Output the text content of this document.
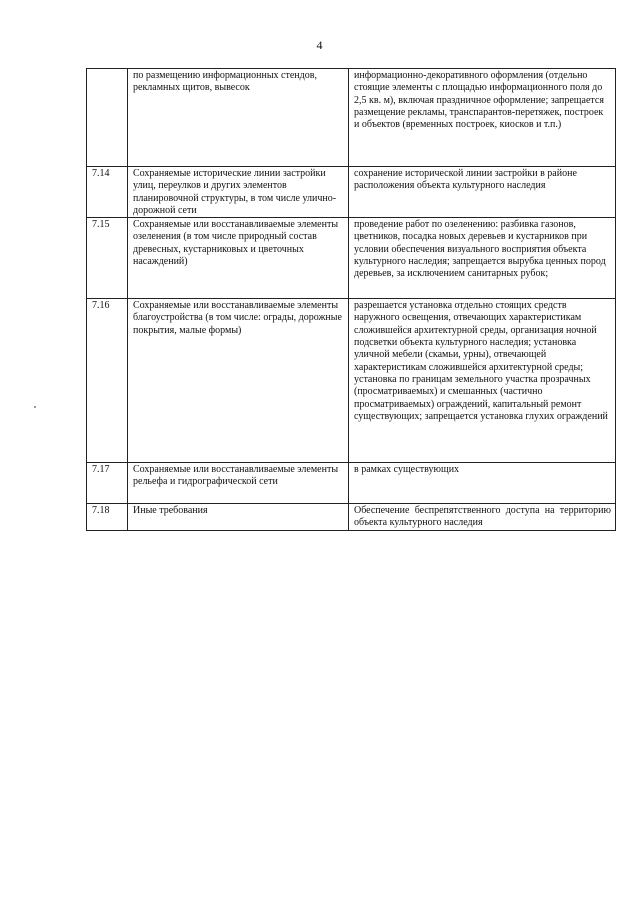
4
	по размещению информационных стендов, рекламных щитов, вывесок	информационно-декоративного оформления (отдельно стоящие элементы с площадью информационного поля до 2,5 кв. м), включая праздничное оформление; запрещается размещение рекламы, транспарантов-перетяжек, построек и объектов (временных построек, киосков и т.п.)
7.14	Сохраняемые исторические линии застройки улиц, переулков и других элементов планировочной структуры, в том числе улично-дорожной сети	сохранение исторической линии застройки в районе расположения объекта культурного наследия
7.15	Сохраняемые или восстанавливаемые элементы озеленения (в том числе природный состав древесных, кустарниковых и цветочных насаждений)	проведение работ по озеленению: разбивка газонов, цветников, посадка новых деревьев и кустарников при условии обеспечения визуального восприятия объекта культурного наследия; запрещается вырубка ценных пород деревьев, за исключением санитарных рубок;
7.16	Сохраняемые или восстанавливаемые элементы благоустройства (в том числе: ограды, дорожные покрытия, малые формы)	разрешается установка отдельно стоящих средств наружного освещения, отвечающих характеристикам сложившейся архитектурной среды, организация ночной подсветки объекта культурного наследия; установка уличной мебели (скамьи, урны), отвечающей характеристикам сложившейся архитектурной среды; установка по границам земельного участка прозрачных (просматриваемых) и смешанных (частично просматриваемых) ограждений, капитальный ремонт существующих; запрещается установка глухих ограждений
7.17	Сохраняемые или восстанавливаемые элементы рельефа и гидрографической сети	в рамках существующих
7.18	Иные требования	Обеспечение беспрепятственного доступа на территорию объекта культурного наследия
